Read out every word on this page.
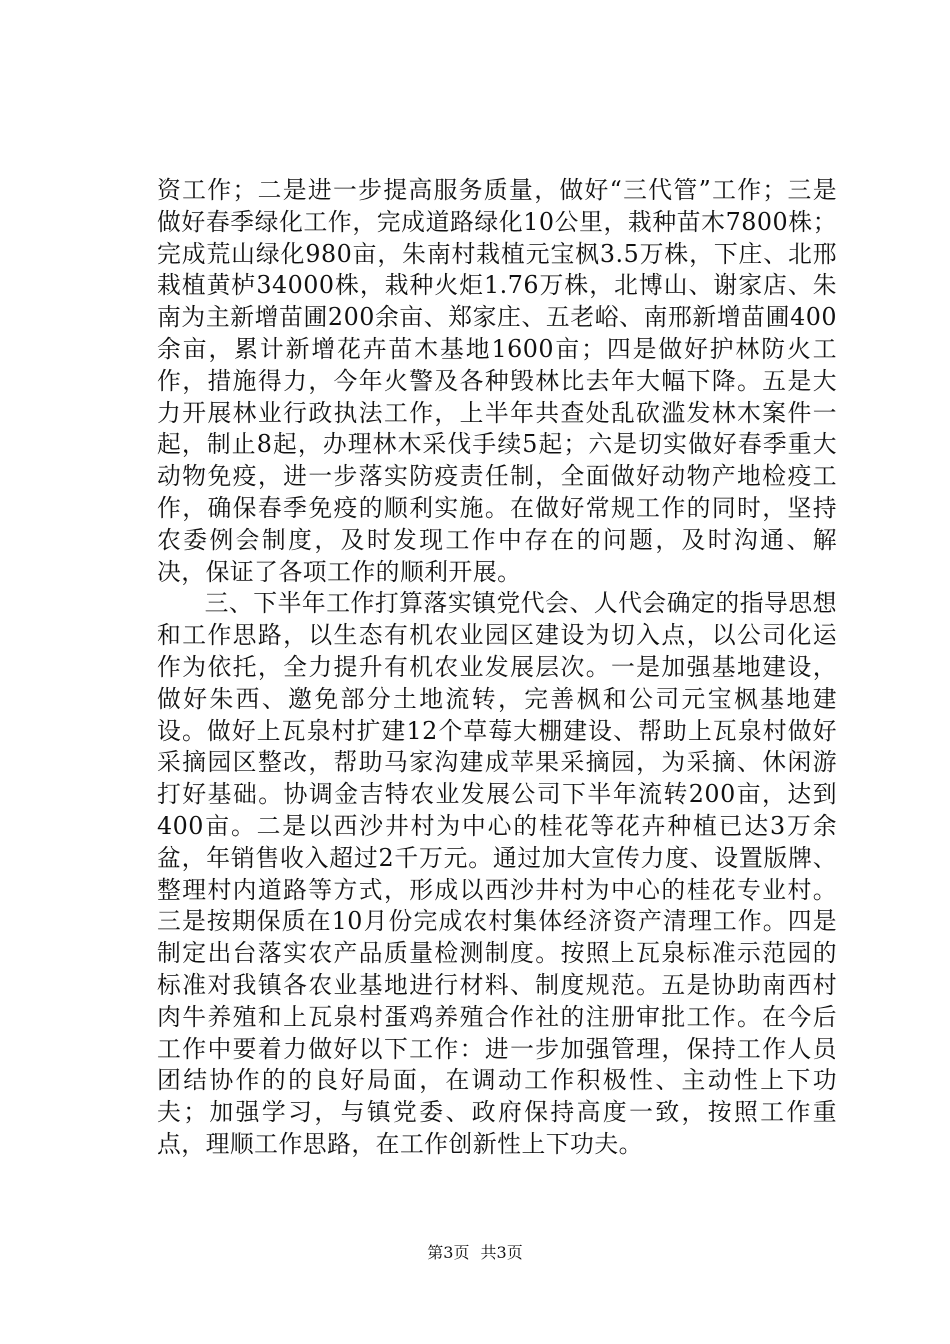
资工作；二是进一步提高服务质量，做好“三代管”工作；三是做好春季绿化工作，完成道路绿化10公里，栽种苗木7800株；完成荒山绿化980亩，朱南村栽植元宝枫3.5万株，下庄、北邢栽植黄栌34000株，栽种火炬1.76万株，北博山、谢家店、朱南为主新增苗圃200余亩、郑家庄、五老峪、南邢新增苗圃400余亩，累计新增花卉苗木基地1600亩；四是做好护林防火工作，措施得力，今年火警及各种毁林比去年大幅下降。五是大力开展林业行政执法工作，上半年共查处乱砍滥发林木案件一起，制止8起，办理林木采伐手续5起；六是切实做好春季重大动物免疫，进一步落实防疫责任制，全面做好动物产地检疫工作，确保春季免疫的顺利实施。在做好常规工作的同时，坚持农委例会制度，及时发现工作中存在的问题，及时沟通、解决，保证了各项工作的顺利开展。

三、下半年工作打算落实镇党代会、人代会确定的指导思想和工作思路，以生态有机农业园区建设为切入点，以公司化运作为依托，全力提升有机农业发展层次。一是加强基地建设，做好朱西、邀免部分土地流转，完善枫和公司元宝枫基地建设。做好上瓦泉村扩建12个草莓大棚建设、帮助上瓦泉村做好采摘园区整改，帮助马家沟建成苹果采摘园，为采摘、休闲游打好基础。协调金吉特农业发展公司下半年流转200亩，达到400亩。二是以西沙井村为中心的桂花等花卉种植已达3万余盆，年销售收入超过2千万元。通过加大宣传力度、设置版牌、整理村内道路等方式，形成以西沙井村为中心的桂花专业村。三是按期保质在10月份完成农村集体经济资产清理工作。四是制定出台落实农产品质量检测制度。按照上瓦泉标准示范园的标准对我镇各农业基地进行材料、制度规范。五是协助南西村肉牛养殖和上瓦泉村蛋鸡养殖合作社的注册审批工作。在今后工作中要着力做好以下工作：进一步加强管理，保持工作人员团结协作的的良好局面，在调动工作积极性、主动性上下功夫；加强学习，与镇党委、政府保持高度一致，按照工作重点，理顺工作思路，在工作创新性上下功夫。

第3页 共3页
